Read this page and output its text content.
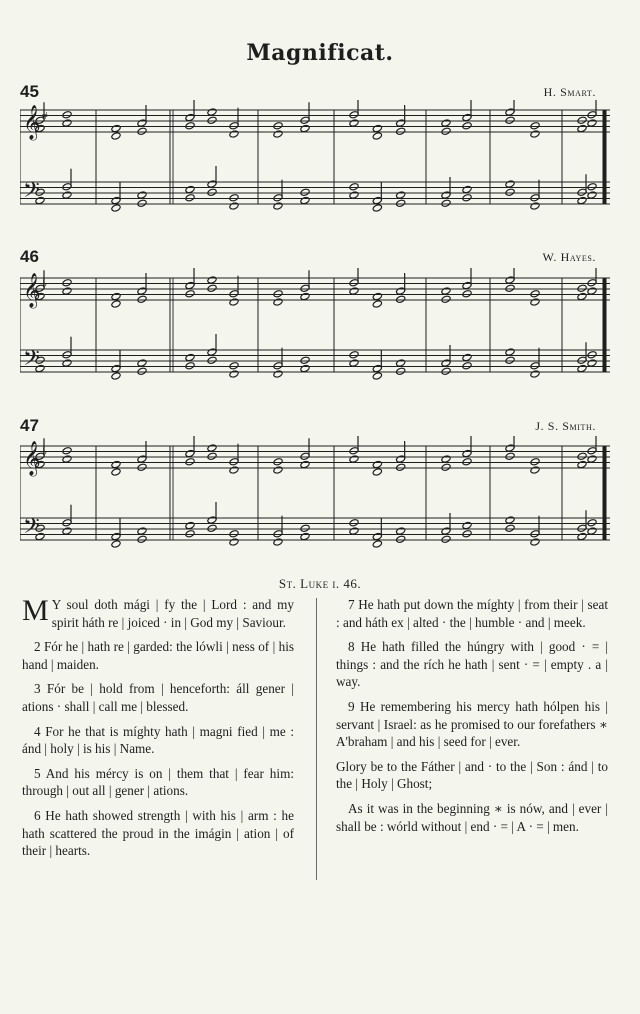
Magnificat.
45	H. Smart.
𝄞
𝄢
#
46	W. Hayes.
𝄞
𝄢
♭
47	J. S. Smith.
𝄞
𝄢
♭
St. Luke i. 46.

M Y soul doth mági | fy the | Lord : and my spirit háth re | joiced · in | God my | Saviour.

2 Fór he | hath re | garded: the lówli | ness of | his hand | maiden.

3 Fór be | hold from | henceforth: áll gener | ations · shall | call me | blessed.

4 For he that is míghty hath | magni fied | me : ánd | holy | is his | Name.

5 And his mércy is on | them that | fear him: through | out all | gener | ations.

6 He hath showed strength | with his | arm : he hath scattered the proud in the imágin | ation | of their | hearts.

7 He hath put down the míghty | from their | seat : and háth ex | alted · the | humble · and | meek.

8 He hath filled the húngry with | good · = | things : and the rích he hath | sent · = | empty . a | way.

9 He remembering his mercy hath hólpen his | servant | Israel: as he promised to our forefathers ∗ A'braham | and his | seed for | ever.

Glory be to the Fáther | and · to the | Son : ánd | to the | Holy | Ghost;

As it was in the beginning ∗ is nów, and | ever | shall be : wórld without | end · = | A · = | men.
